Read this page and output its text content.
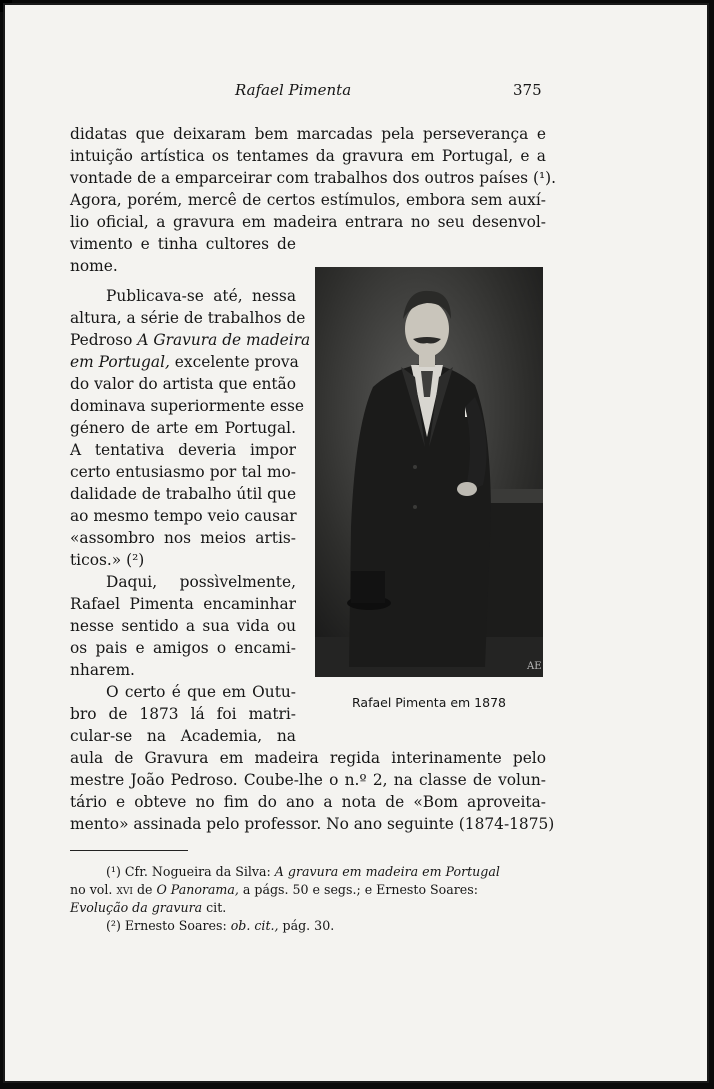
Rafael Pimenta	375
didatas que deixaram bem marcadas pela perseverança e
intuição artística os tentames da gravura em Portugal, e a
vontade de a emparceirar com trabalhos dos outros países (¹).
Agora, porém, mercê de certos estímulos, embora sem auxí-
lio oficial, a gravura em madeira entrara no seu desenvol-
vimento e tinha cultores de
nome.
Publicava-se até, nessa
altura, a série de trabalhos de
Pedroso A Gravura de madeira
em Portugal, excelente prova
do valor do artista que então
dominava superiormente esse
género de arte em Portugal.
A tentativa deveria impor
certo entusiasmo por tal mo-
dalidade de trabalho útil que
ao mesmo tempo veio causar
«assombro nos meios artis-
ticos.» (²)
Daqui, possìvelmente,
Rafael Pimenta encaminhar
nesse sentido a sua vida ou
os pais e amigos o encami-
nharem.
O certo é que em Outu-
bro de 1873 lá foi matri-
cular-se na Academia, na
aula de Gravura em madeira regida interinamente pelo
mestre João Pedroso. Coube-lhe o n.º 2, na classe de volun-
tário e obteve no fim do ano a nota de «Bom aproveita-
mento» assinada pelo professor. No ano seguinte (1874-1875)
AE
Rafael Pimenta em 1878
(¹) Cfr. Nogueira da Silva: A gravura em madeira em Portugal
no vol. xvi de O Panorama, a págs. 50 e segs.; e Ernesto Soares:
Evolução da gravura cit.
(²) Ernesto Soares: ob. cit., pág. 30.
